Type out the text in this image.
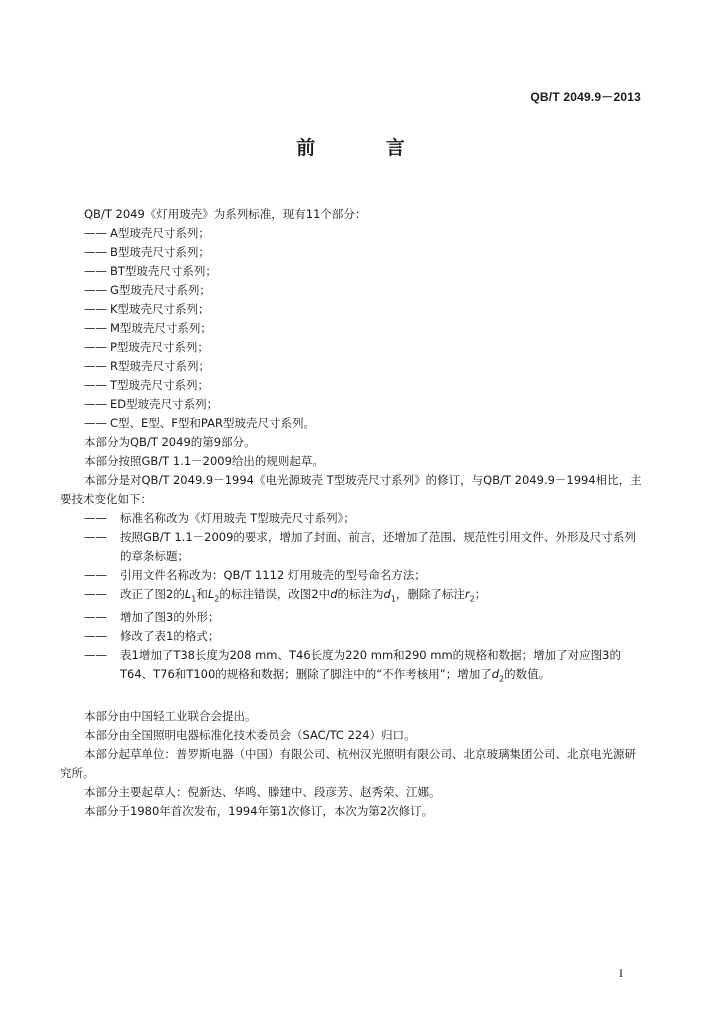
QB/T 2049.9－2013
前 言
QB/T 2049《灯用玻壳》为系列标准，现有11个部分：
—— A型玻壳尺寸系列；
—— B型玻壳尺寸系列；
—— BT型玻壳尺寸系列；
—— G型玻壳尺寸系列；
—— K型玻壳尺寸系列；
—— M型玻壳尺寸系列；
—— P型玻壳尺寸系列；
—— R型玻壳尺寸系列；
—— T型玻壳尺寸系列；
—— ED型玻壳尺寸系列；
—— C型、E型、F型和PAR型玻壳尺寸系列。
本部分为QB/T 2049的第9部分。
本部分按照GB/T 1.1－2009给出的规则起草。
本部分是对QB/T 2049.9－1994《电光源玻壳 T型玻壳尺寸系列》的修订，与QB/T 2049.9－1994相比，主要技术变化如下：
——	标准名称改为《灯用玻壳 T型玻壳尺寸系列》；
——	按照GB/T 1.1－2009的要求，增加了封面、前言，还增加了范围、规范性引用文件、外形及尺寸系列的章条标题；
——	引用文件名称改为：QB/T 1112 灯用玻壳的型号命名方法；
——	改正了图2的$L_1$和$L_2$的标注错误，改图2中d的标注为$d_1$，删除了标注$r_2$；
——	增加了图3的外形；
——	修改了表1的格式；
——	表1增加了T38长度为208 mm、T46长度为220 mm和290 mm的规格和数据；增加了对应图3的T64、T76和T100的规格和数据；删除了脚注中的“不作考核用”；增加了$d_2$的数值。
本部分由中国轻工业联合会提出。
本部分由全国照明电器标准化技术委员会（SAC/TC 224）归口。
本部分起草单位：普罗斯电器（中国）有限公司、杭州汉光照明有限公司、北京玻璃集团公司、北京电光源研究所。
本部分主要起草人：倪新达、华鸣、滕建中、段彦芳、赵秀荣、江娜。
本部分于1980年首次发布，1994年第1次修订，本次为第2次修订。
I
